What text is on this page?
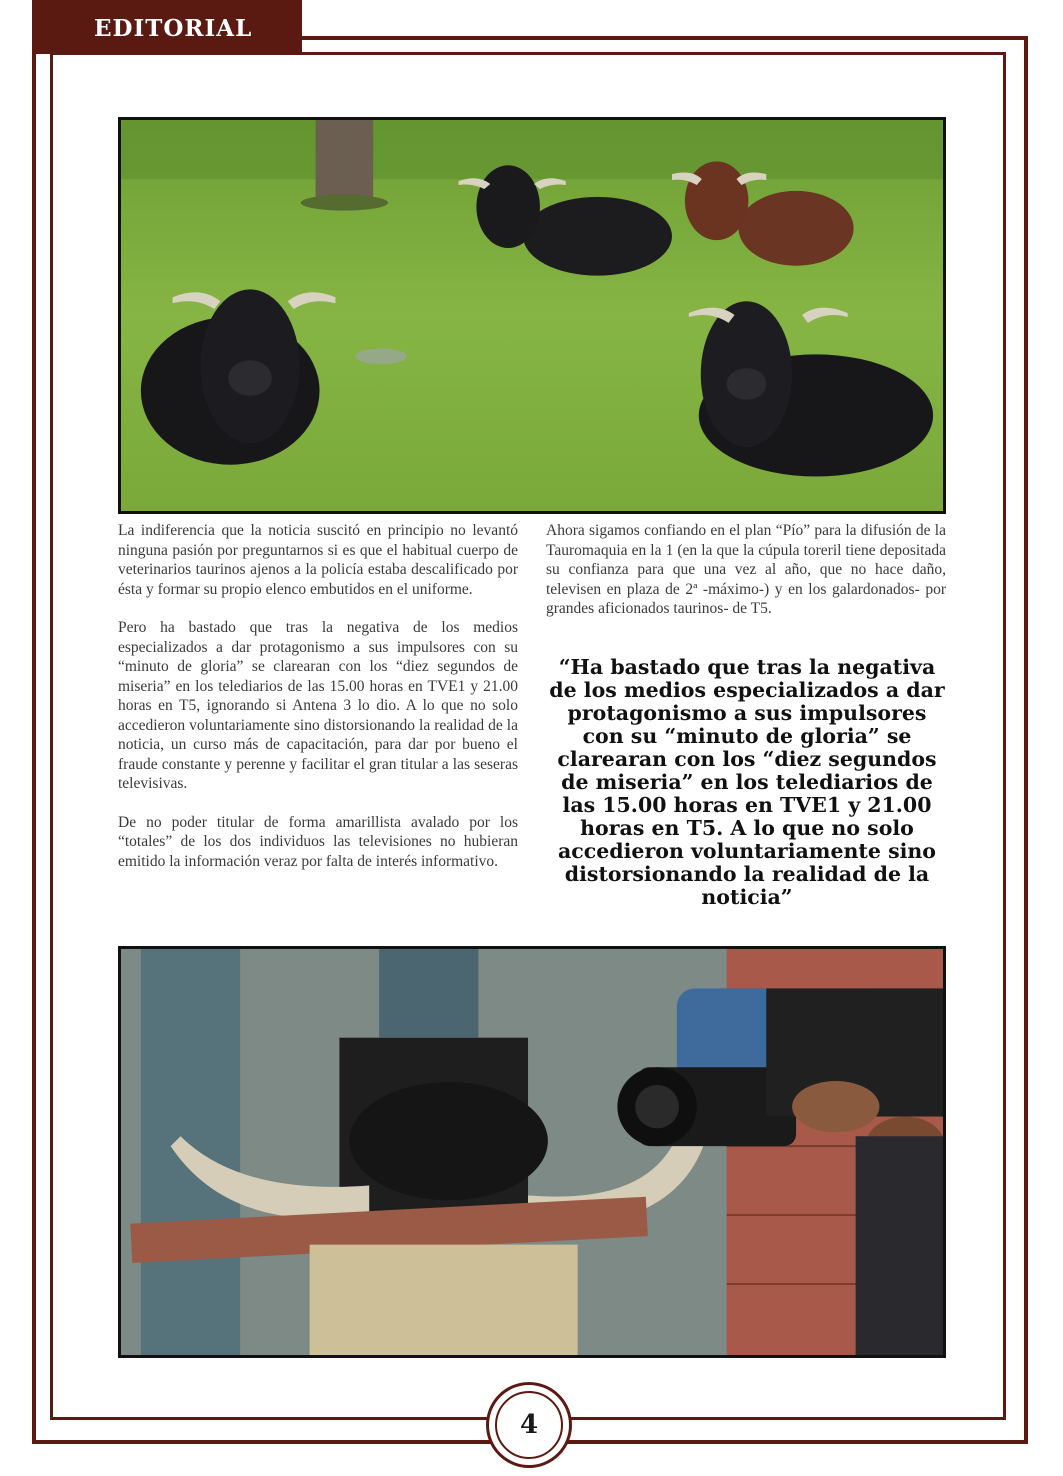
EDITORIAL

La indiferencia que la noticia suscitó en principio no levantó ninguna pasión por preguntarnos si es que el habitual cuerpo de veterinarios taurinos ajenos a la policía estaba descalificado por ésta y formar su propio elenco embutidos en el uniforme.

Pero ha bastado que tras la negativa de los medios especializados a dar protagonismo a sus impulsores con su “minuto de gloria” se clarearan con los “diez segundos de miseria” en los telediarios de las 15.00 horas en TVE1 y 21.00 horas en T5, ignorando si Antena 3 lo dio. A lo que no solo accedieron voluntariamente sino distorsionando la realidad de la noticia, un curso más de capacitación, para dar por bueno el fraude constante y perenne y facilitar el gran titular a las seseras televisivas.

De no poder titular de forma amarillista avalado por los “totales” de los dos individuos las televisiones no hubieran emitido la información veraz por falta de interés informativo.

Ahora sigamos confiando en el plan “Pío” para la difusión de la Tauromaquia en la 1 (en la que la cúpula toreril tiene depositada su confianza para que una vez al año, que no hace daño, televisen en plaza de 2ª -máximo-) y en los galardonados- por grandes aficionados taurinos- de T5.

“Ha bastado que tras la negativa de los medios especializados a dar protagonismo a sus impulsores con su “minuto de gloria” se clarearan con los “diez segundos de miseria” en los telediarios de las 15.00 horas en TVE1 y 21.00 horas en T5. A lo que no solo accedieron voluntariamente sino distorsionando la realidad de la noticia”
4
